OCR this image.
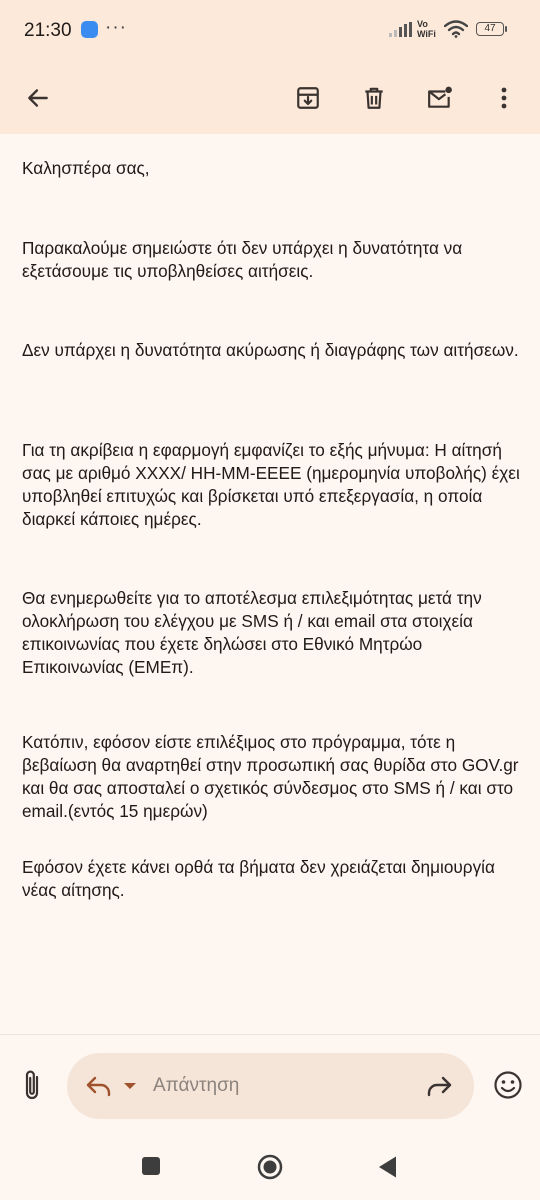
21:30 ···	Vo
WiFi	47

Καλησπέρα σας,

Παρακαλούμε σημειώστε ότι δεν υπάρχει η δυνατότητα να εξετάσουμε τις υποβληθείσες αιτήσεις.

Δεν υπάρχει η δυνατότητα ακύρωσης ή διαγράφης των αιτήσεων.

Για τη ακρίβεια η εφαρμογή εμφανίζει το εξής μήνυμα: Η αίτησή σας με αριθμό XXXX/ HH-MM-EEEE (ημερομηνία υποβολής) έχει υποβληθεί επιτυχώς και βρίσκεται υπό επεξεργασία, η οποία διαρκεί κάποιες ημέρες.

Θα ενημερωθείτε για το αποτέλεσμα επιλεξιμότητας μετά την ολοκλήρωση του ελέγχου με SMS ή / και email στα στοιχεία επικοινωνίας που έχετε δηλώσει στο Εθνικό Μητρώο Επικοινωνίας (ΕΜΕπ).

Κατόπιν, εφόσον είστε επιλέξιμος στο πρόγραμμα, τότε η βεβαίωση θα αναρτηθεί στην προσωπική σας θυρίδα στο GOV.gr και θα σας αποσταλεί ο σχετικός σύνδεσμος στο SMS ή / και στο email.(εντός 15 ημερών)

Εφόσον έχετε κάνει ορθά τα βήματα δεν χρειάζεται δημιουργία νέας αίτησης.

Απάντηση
